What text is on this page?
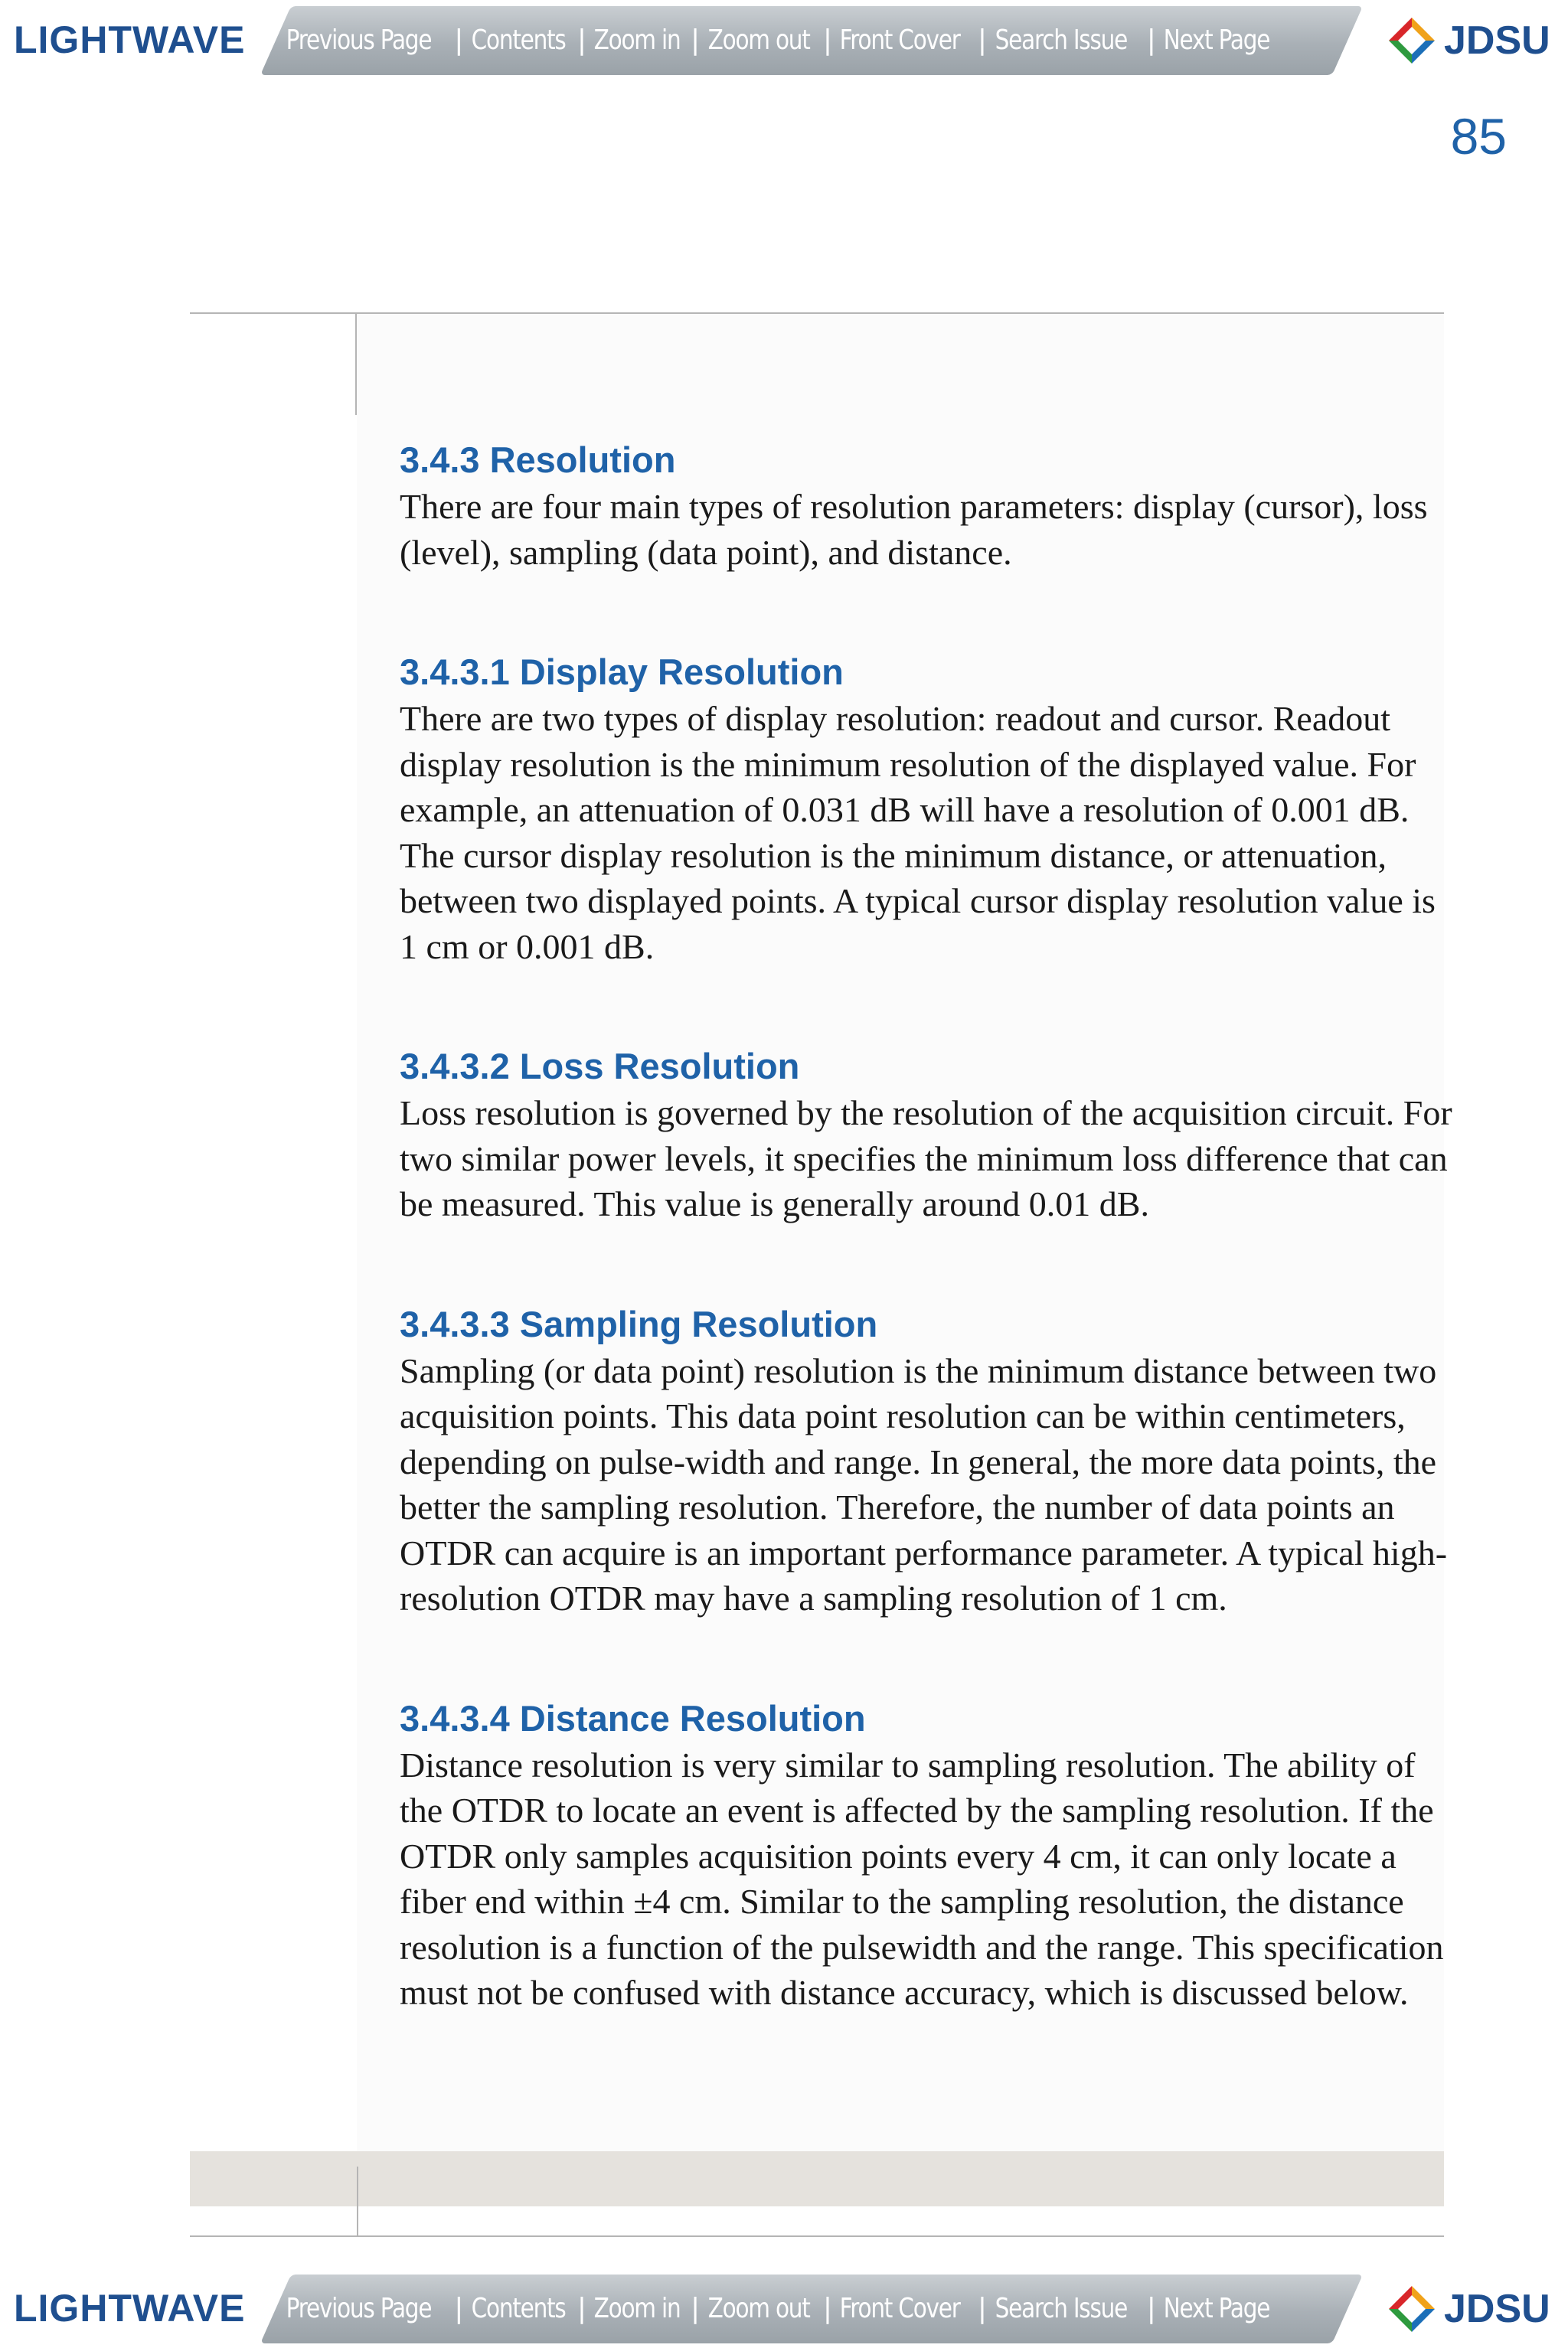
LIGHTWAVE Previous Page | Contents | Zoom in | Zoom out | Front Cover | Search Issue | Next Page	JDSU
85
3.4.3 Resolution

There are four main types of resolution parameters: display (cursor), loss (level), sampling (data point), and distance.

3.4.3.1 Display Resolution

There are two types of display resolution: readout and cursor. Readout display resolution is the minimum resolution of the displayed value. For example, an attenuation of 0.031 dB will have a resolution of 0.001 dB. The cursor display resolution is the minimum distance, or attenuation, between two displayed points. A typical cursor display resolution value is 1 cm or 0.001 dB.

3.4.3.2 Loss Resolution

Loss resolution is governed by the resolution of the acquisition circuit. For two similar power levels, it specifies the minimum loss difference that can be measured. This value is generally around 0.01 dB.

3.4.3.3 Sampling Resolution

Sampling (or data point) resolution is the minimum distance between two acquisition points. This data point resolution can be within centimeters, depending on pulse-width and range. In general, the more data points, the better the sampling resolution. Therefore, the number of data points an OTDR can acquire is an important performance parameter. A typical high-resolution OTDR may have a sampling resolution of 1 cm.

3.4.3.4 Distance Resolution

Distance resolution is very similar to sampling resolution. The ability of the OTDR to locate an event is affected by the sampling resolution. If the OTDR only samples acquisition points every 4 cm, it can only locate a fiber end within ±4 cm. Similar to the sampling resolution, the distance resolution is a function of the pulsewidth and the range. This specification must not be confused with distance accuracy, which is discussed below.

LIGHTWAVE Previous Page | Contents | Zoom in | Zoom out | Front Cover | Search Issue | Next Page	JDSU
